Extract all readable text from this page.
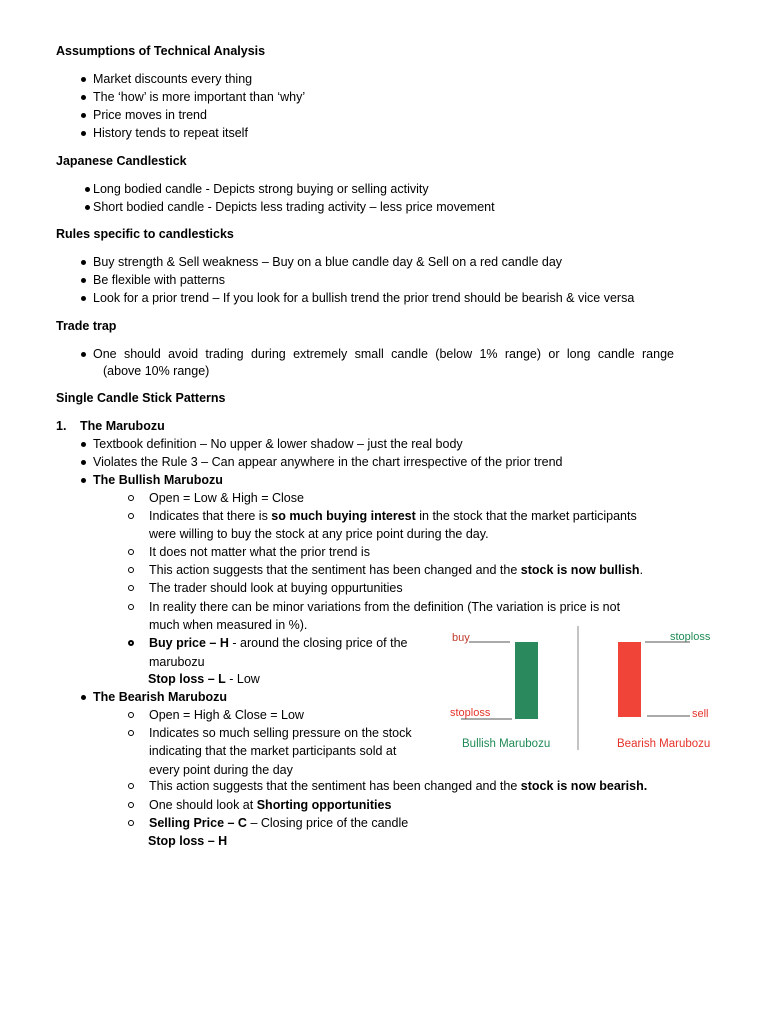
Assumptions of Technical Analysis
Market discounts every thing
The ‘how’ is more important than ‘why’
Price moves in trend
History tends to repeat itself
Japanese Candlestick
Long bodied candle - Depicts strong buying or selling activity
Short bodied candle - Depicts less trading activity – less price movement
Rules specific to candlesticks
Buy strength & Sell weakness – Buy on a blue candle day & Sell on a red candle day
Be flexible with patterns
Look for a prior trend – If you look for a bullish trend the prior trend should be bearish & vice versa
Trade trap
One should avoid trading during extremely small candle (below 1% range) or long candle range
(above 10% range)
Single Candle Stick Patterns
1. The Marubozu
Textbook definition – No upper & lower shadow – just the real body
Violates the Rule 3 – Can appear anywhere in the chart irrespective of the prior trend
The Bullish Marubozu
Open = Low & High = Close
Indicates that there is so much buying interest in the stock that the market participants
were willing to buy the stock at any price point during the day.
It does not matter what the prior trend is
This action suggests that the sentiment has been changed and the stock is now bullish.
The trader should look at buying oppurtunities
In reality there can be minor variations from the definition (The variation is price is not
much when measured in %).
Buy price – H - around the closing price of the
marubozu
Stop loss – L - Low
The Bearish Marubozu
Open = High & Close = Low
Indicates so much selling pressure on the stock
indicating that the market participants sold at
every point during the day
This action suggests that the sentiment has been changed and the stock is now bearish.
One should look at Shorting opportunities
Selling Price – C – Closing price of the candle
Stop loss – H
buy
stoploss
Bullish Marubozu
stoploss
sell
Bearish Marubozu
